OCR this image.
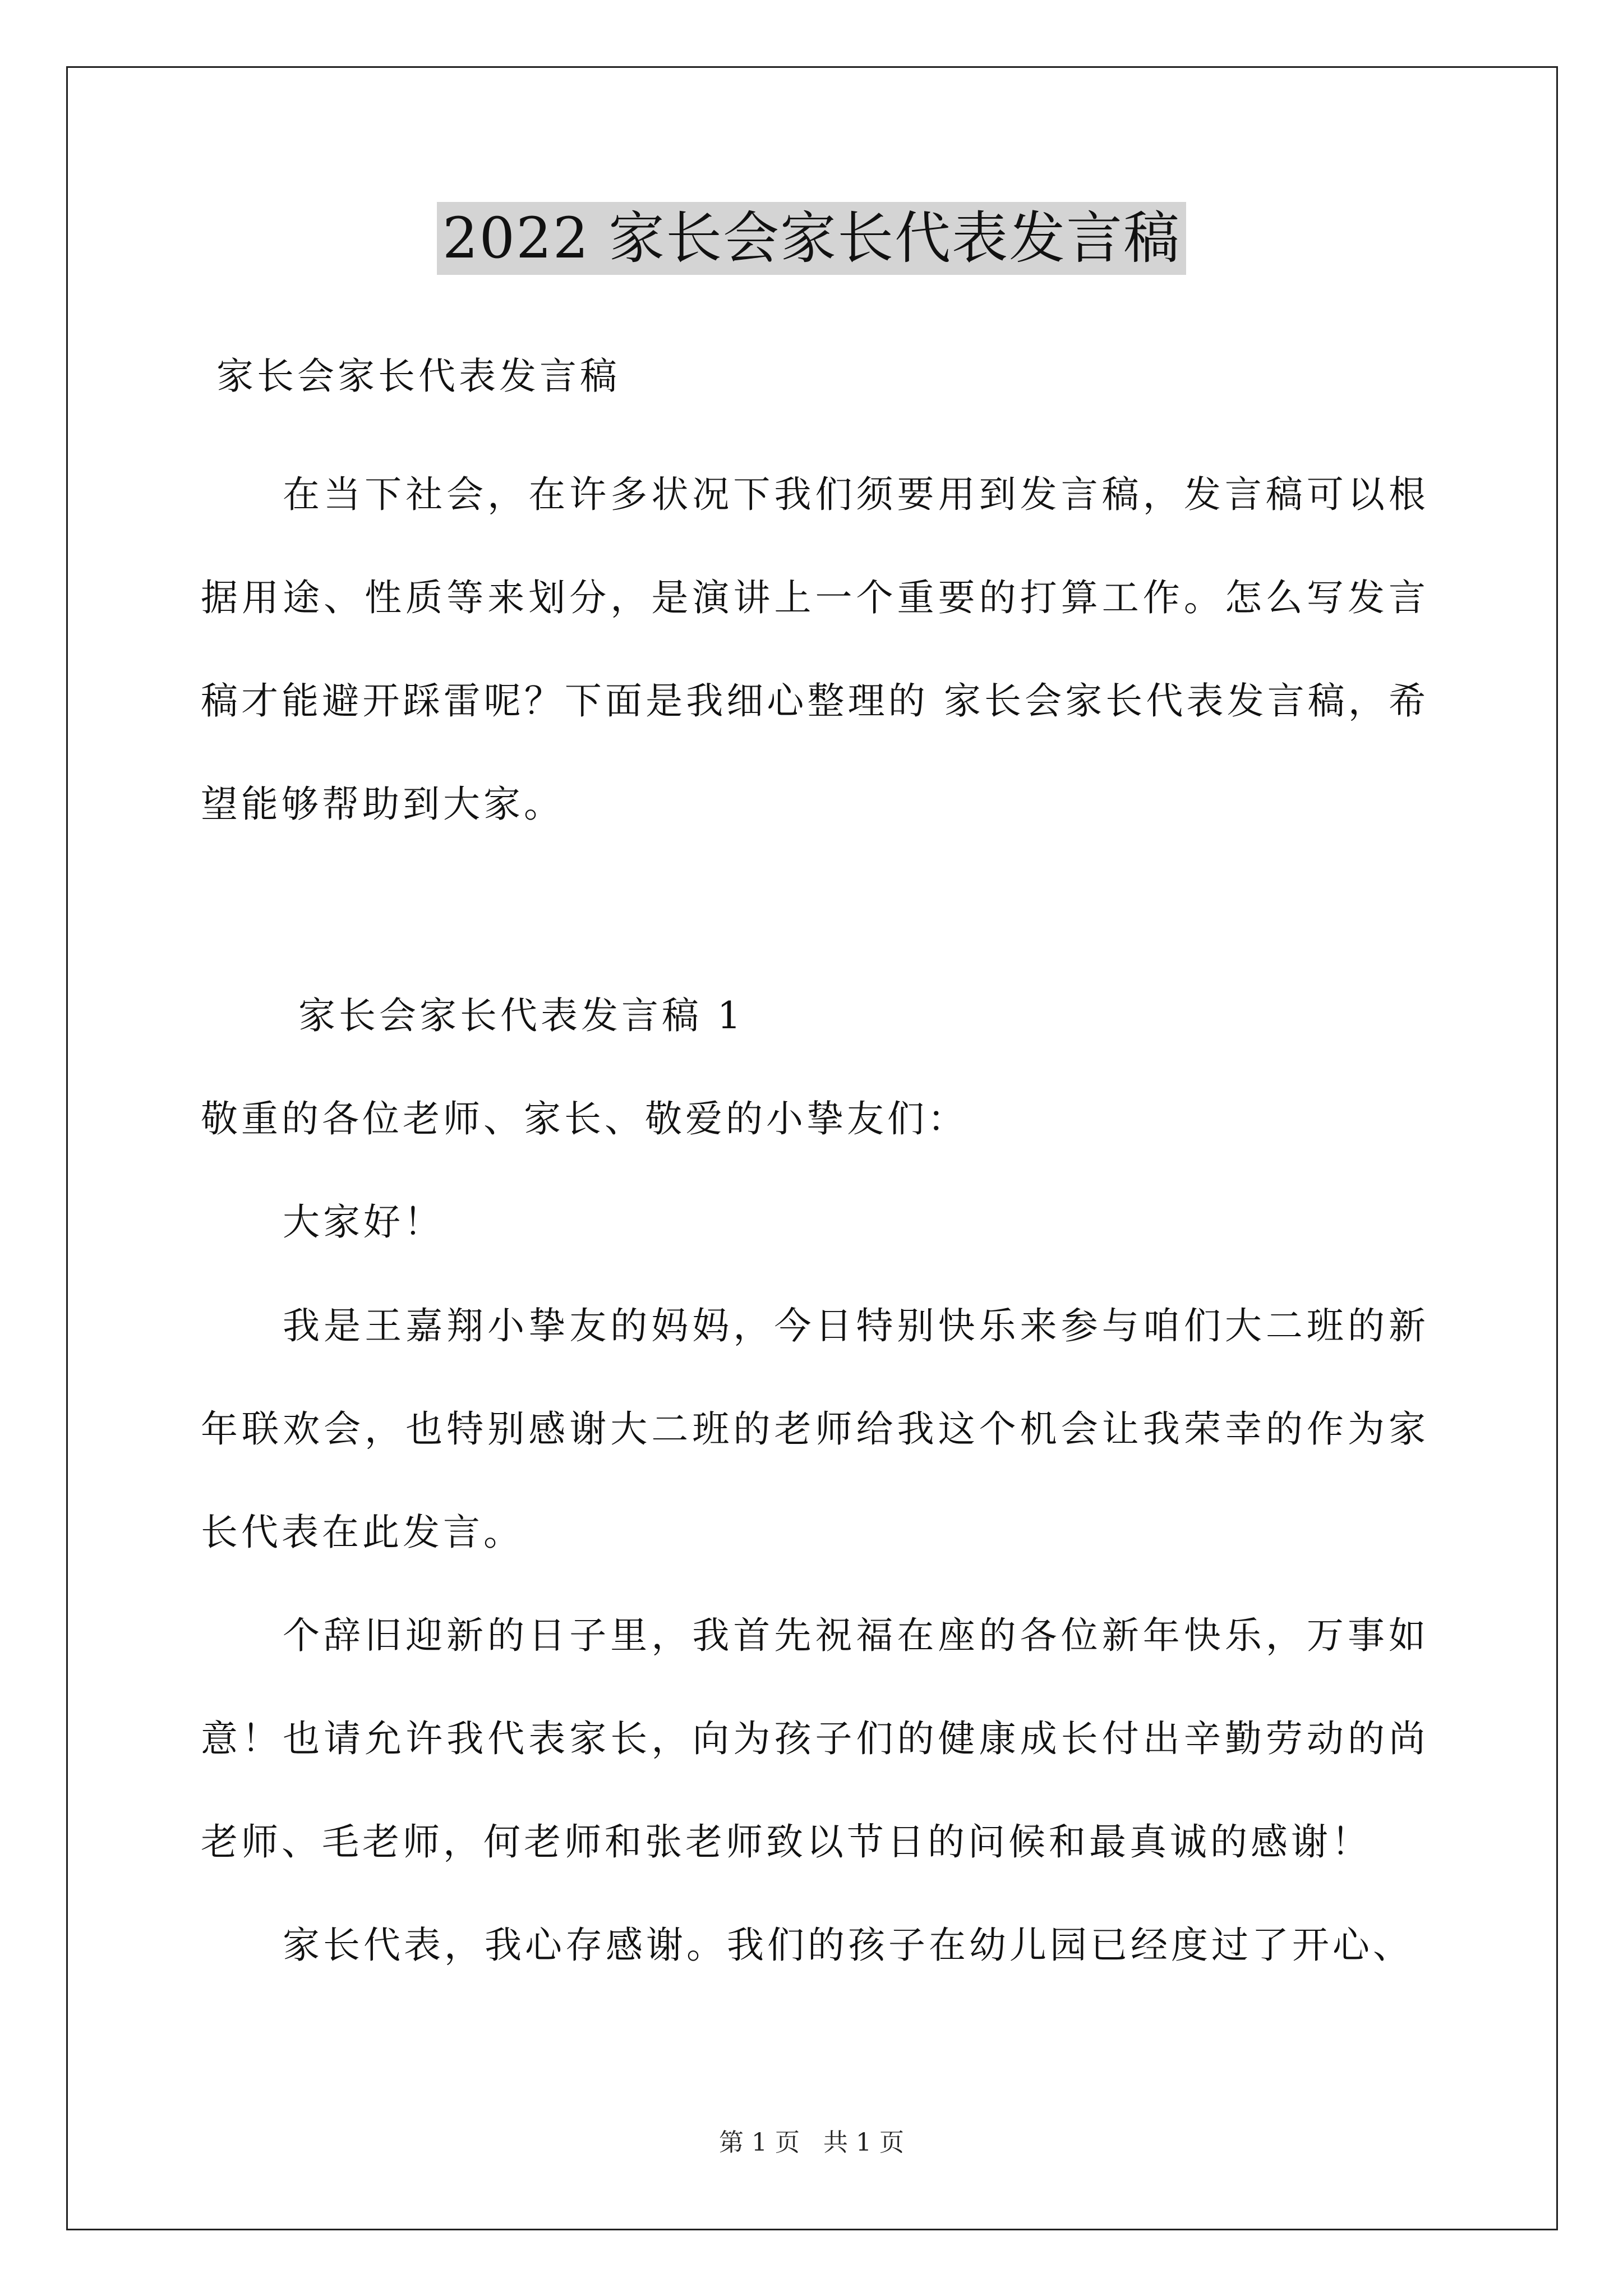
2022 家长会家长代表发言稿
家长会家长代表发言稿

在当下社会，在许多状况下我们须要用到发言稿，发言稿可以根据用途、性质等来划分，是演讲上一个重要的打算工作。怎么写发言稿才能避开踩雷呢？下面是我细心整理的 家长会家长代表发言稿，希望能够帮助到大家。

家长会家长代表发言稿 1
敬重的各位老师、家长、敬爱的小挚友们：
大家好！

我是王嘉翔小挚友的妈妈，今日特别快乐来参与咱们大二班的新年联欢会，也特别感谢大二班的老师给我这个机会让我荣幸的作为家长代表在此发言。

个辞旧迎新的日子里，我首先祝福在座的各位新年快乐，万事如意！也请允许我代表家长，向为孩子们的健康成长付出辛勤劳动的尚老师、毛老师，何老师和张老师致以节日的问候和最真诚的感谢！

家长代表，我心存感谢。我们的孩子在幼儿园已经度过了开心、

第 1 页 共 1 页
